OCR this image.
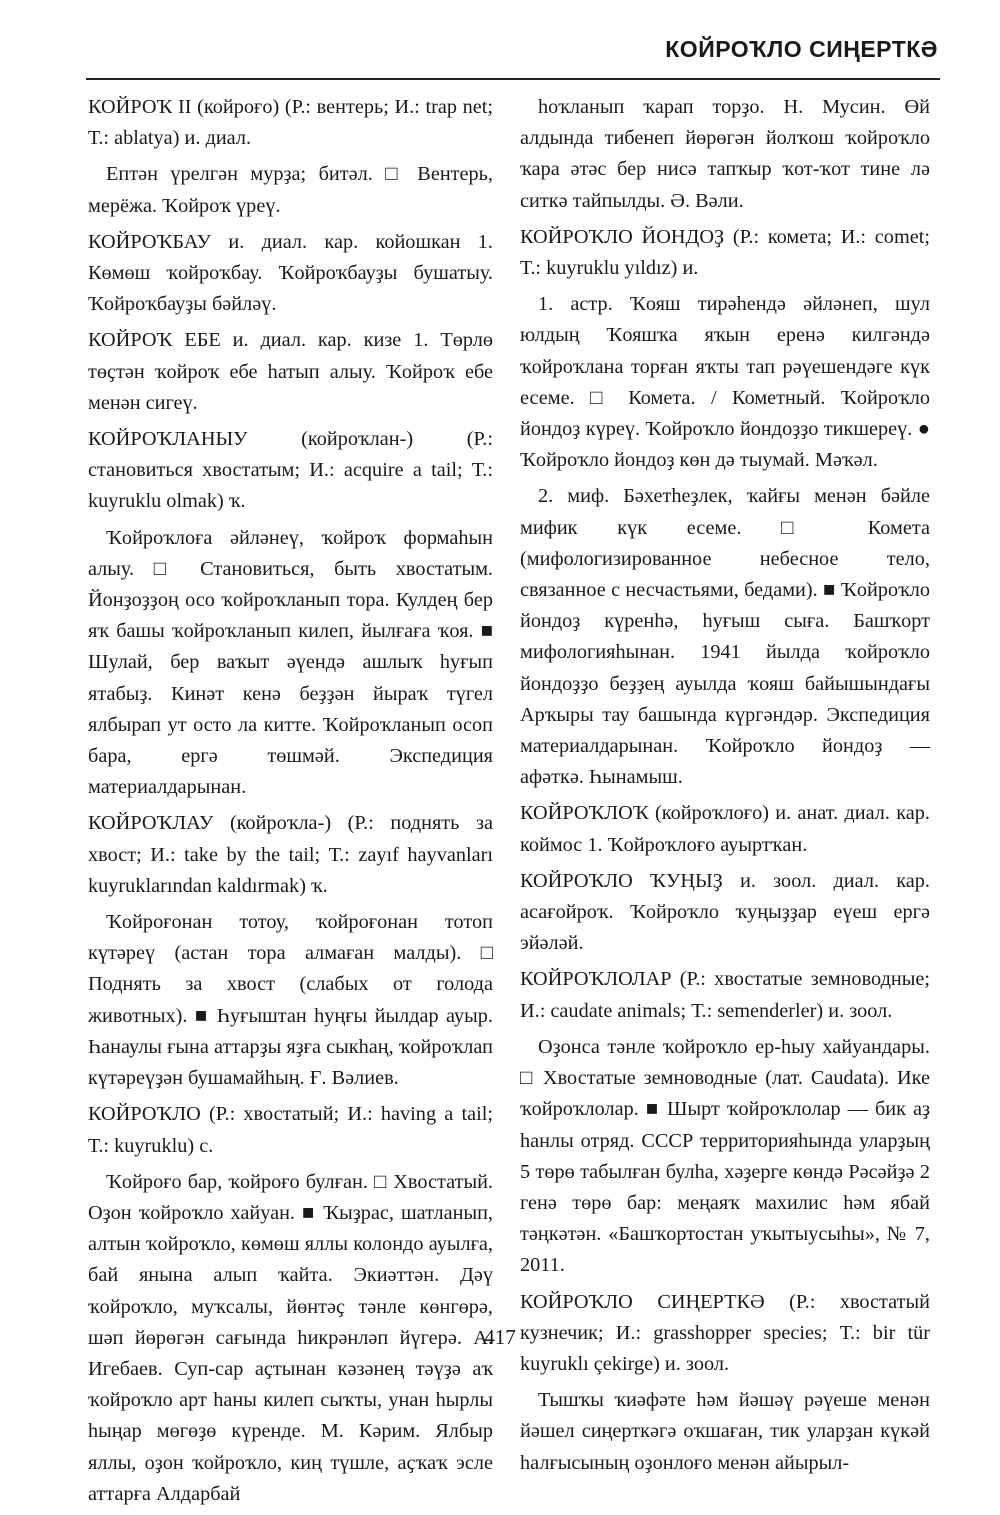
КОЙРОҠЛО СИҢЕРТКӘ

КОЙРОҠ II (койроғо) (Р.: вентерь; И.: trap net; Т.: ablatya) и. диал.

Ептән үрелгән мурҙа; битәл. □ Вентерь, мерёжа. Ҡойроҡ үреү.

КОЙРОҠБАУ и. диал. кар. койошкан 1. Көмөш ҡойроҡбау. Ҡойроҡбауҙы бушатыу. Ҡойроҡбауҙы бәйләү.

КОЙРОҠ ЕБЕ и. диал. кар. кизе 1. Төрлө төҫтән ҡойроҡ ебе һатып алыу. Ҡойроҡ ебе менән сигеү.

КОЙРОҠЛАНЫУ (койроҡлан-) (Р.: становиться хвостатым; И.: acquire a tail; Т.: kuyruklu olmak) ҡ.

Ҡойроҡлоға әйләнеү, ҡойроҡ формаһын алыу. □ Становиться, быть хвостатым. Йонҙоҙҙоң осо ҡойроҡланып тора. Кулдең бер яҡ башы ҡойроҡланып килеп, йылғаға ҡоя. ■ Шулай, бер ваҡыт әүендә ашлыҡ һуғып ятабыҙ. Кинәт кенә беҙҙән йыраҡ түгел ялбырап ут осто ла китте. Ҡойроҡланып осоп бара, ергә төшмәй. Экспедиция материалдарынан.

КОЙРОҠЛАУ (койроҡла-) (Р.: поднять за хвост; И.: take by the tail; Т.: zayıf hayvanları kuyruklarından kaldırmak) ҡ.

Ҡойроғонан тотоу, ҡойроғонан тотоп күтәреү (астан тора алмаған малды). □ Поднять за хвост (слабых от голода животных). ■ Һуғыштан һуңғы йылдар ауыр. Һанаулы ғына аттарҙы яҙға сыкһаң, ҡойроҡлап күтәреүҙән бушамайһың. Ғ. Вәлиев.

КОЙРОҠЛО (Р.: хвостатый; И.: having a tail; Т.: kuyruklu) с.

Ҡойроғо бар, ҡойроғо булған. □ Хвостатый. Оҙон ҡойроҡло хайуан. ■ Ҡыҙрас, шатланып, алтын ҡойроҡло, көмөш яллы колондо ауылға, бай янына алып ҡайта. Экиәттән. Дәү ҡойроҡло, муҡсалы, йөнтәҫ тәнле көнгөрә, шәп йөрөгән сағында һикрәнләп йүгерә. А. Игебаев. Суп-сар аҫтынан кәзәнең тәүҙә аҡ ҡойроҡло арт һаны килеп сыҡты, унан һырлы һыңар мөгөҙө күренде. М. Кәрим. Ялбыр яллы, оҙон ҡойроҡло, киң түшле, аҫҡаҡ эсле аттарға Алдарбай

һоҡланып ҡарап торҙо. Н. Мусин. Өй алдында тибенеп йөрөгән йолҡош ҡойроҡло ҡара әтәс бер нисә тапҡыр ҡот-ҡот тине лә ситкә тайпылды. Ә. Вәли.

КОЙРОҠЛО ЙОНДОҘ (Р.: комета; И.: comet; Т.: kuyruklu yıldız) и.

1. астр. Ҡояш тирәһендә әйләнеп, шул юлдың Ҡояшҡа яҡын еренә килгәндә ҡойроҡлана торған яҡты тап рәүешендәге күк есеме. □ Комета. / Кометный. Ҡойроҡло йондоҙ күреү. Ҡойроҡло йондоҙҙо тикшереү. ● Ҡойроҡло йондоҙ көн дә тыумай. Мәҡәл.

2. миф. Бәхетһеҙлек, ҡайғы менән бәйле мифик күк есеме. □ Комета (мифологизированное небесное тело, связанное с несчастьями, бедами). ■ Ҡойроҡло йондоҙ күренһә, һуғыш сыға. Башҡорт мифологияһынан. 1941 йылда ҡойроҡло йондоҙҙо беҙҙең ауылда ҡояш байышындағы Арҡыры тау башында күргәндәр. Экспедиция материалдарынан. Ҡойроҡло йондоҙ — афәткә. Һынамыш.

КОЙРОҠЛОҠ (койроҡлоғо) и. анат. диал. кар. коймос 1. Ҡойроҡлоғо ауыртҡан.

КОЙРОҠЛО ҠУҢЫҘ и. зоол. диал. кар. асағойроҡ. Ҡойроҡло ҡуңыҙҙар еүеш ергә эйәләй.

КОЙРОҠЛОЛАР (Р.: хвостатые земноводные; И.: caudate animals; Т.: semenderler) и. зоол.

Оҙонса тәнле ҡойроҡло ер-һыу хайуандары. □ Хвостатые земноводные (лат. Caudata). Ике ҡойроҡлолар. ■ Шырт ҡойроҡлолар — бик аҙ һанлы отряд. СССР территорияһында уларҙың 5 төрө табылған булһа, хәҙерге көндә Рәсәйҙә 2 генә төрө бар: меңаяҡ махилис һәм ябай тәңкәтән. «Башҡортостан уҡытыусыһы», № 7, 2011.

КОЙРОҠЛО СИҢЕРТКӘ (Р.: хвостатый кузнечик; И.: grasshopper species; Т.: bir tür kuyruklı çekirge) и. зоол.

Тышҡы ҡиәфәте һәм йәшәү рәүеше менән йәшел сиңерткәгә оҡшаған, тик уларҙан күкәй һалғысының оҙонлоғо менән айырыл-

417
